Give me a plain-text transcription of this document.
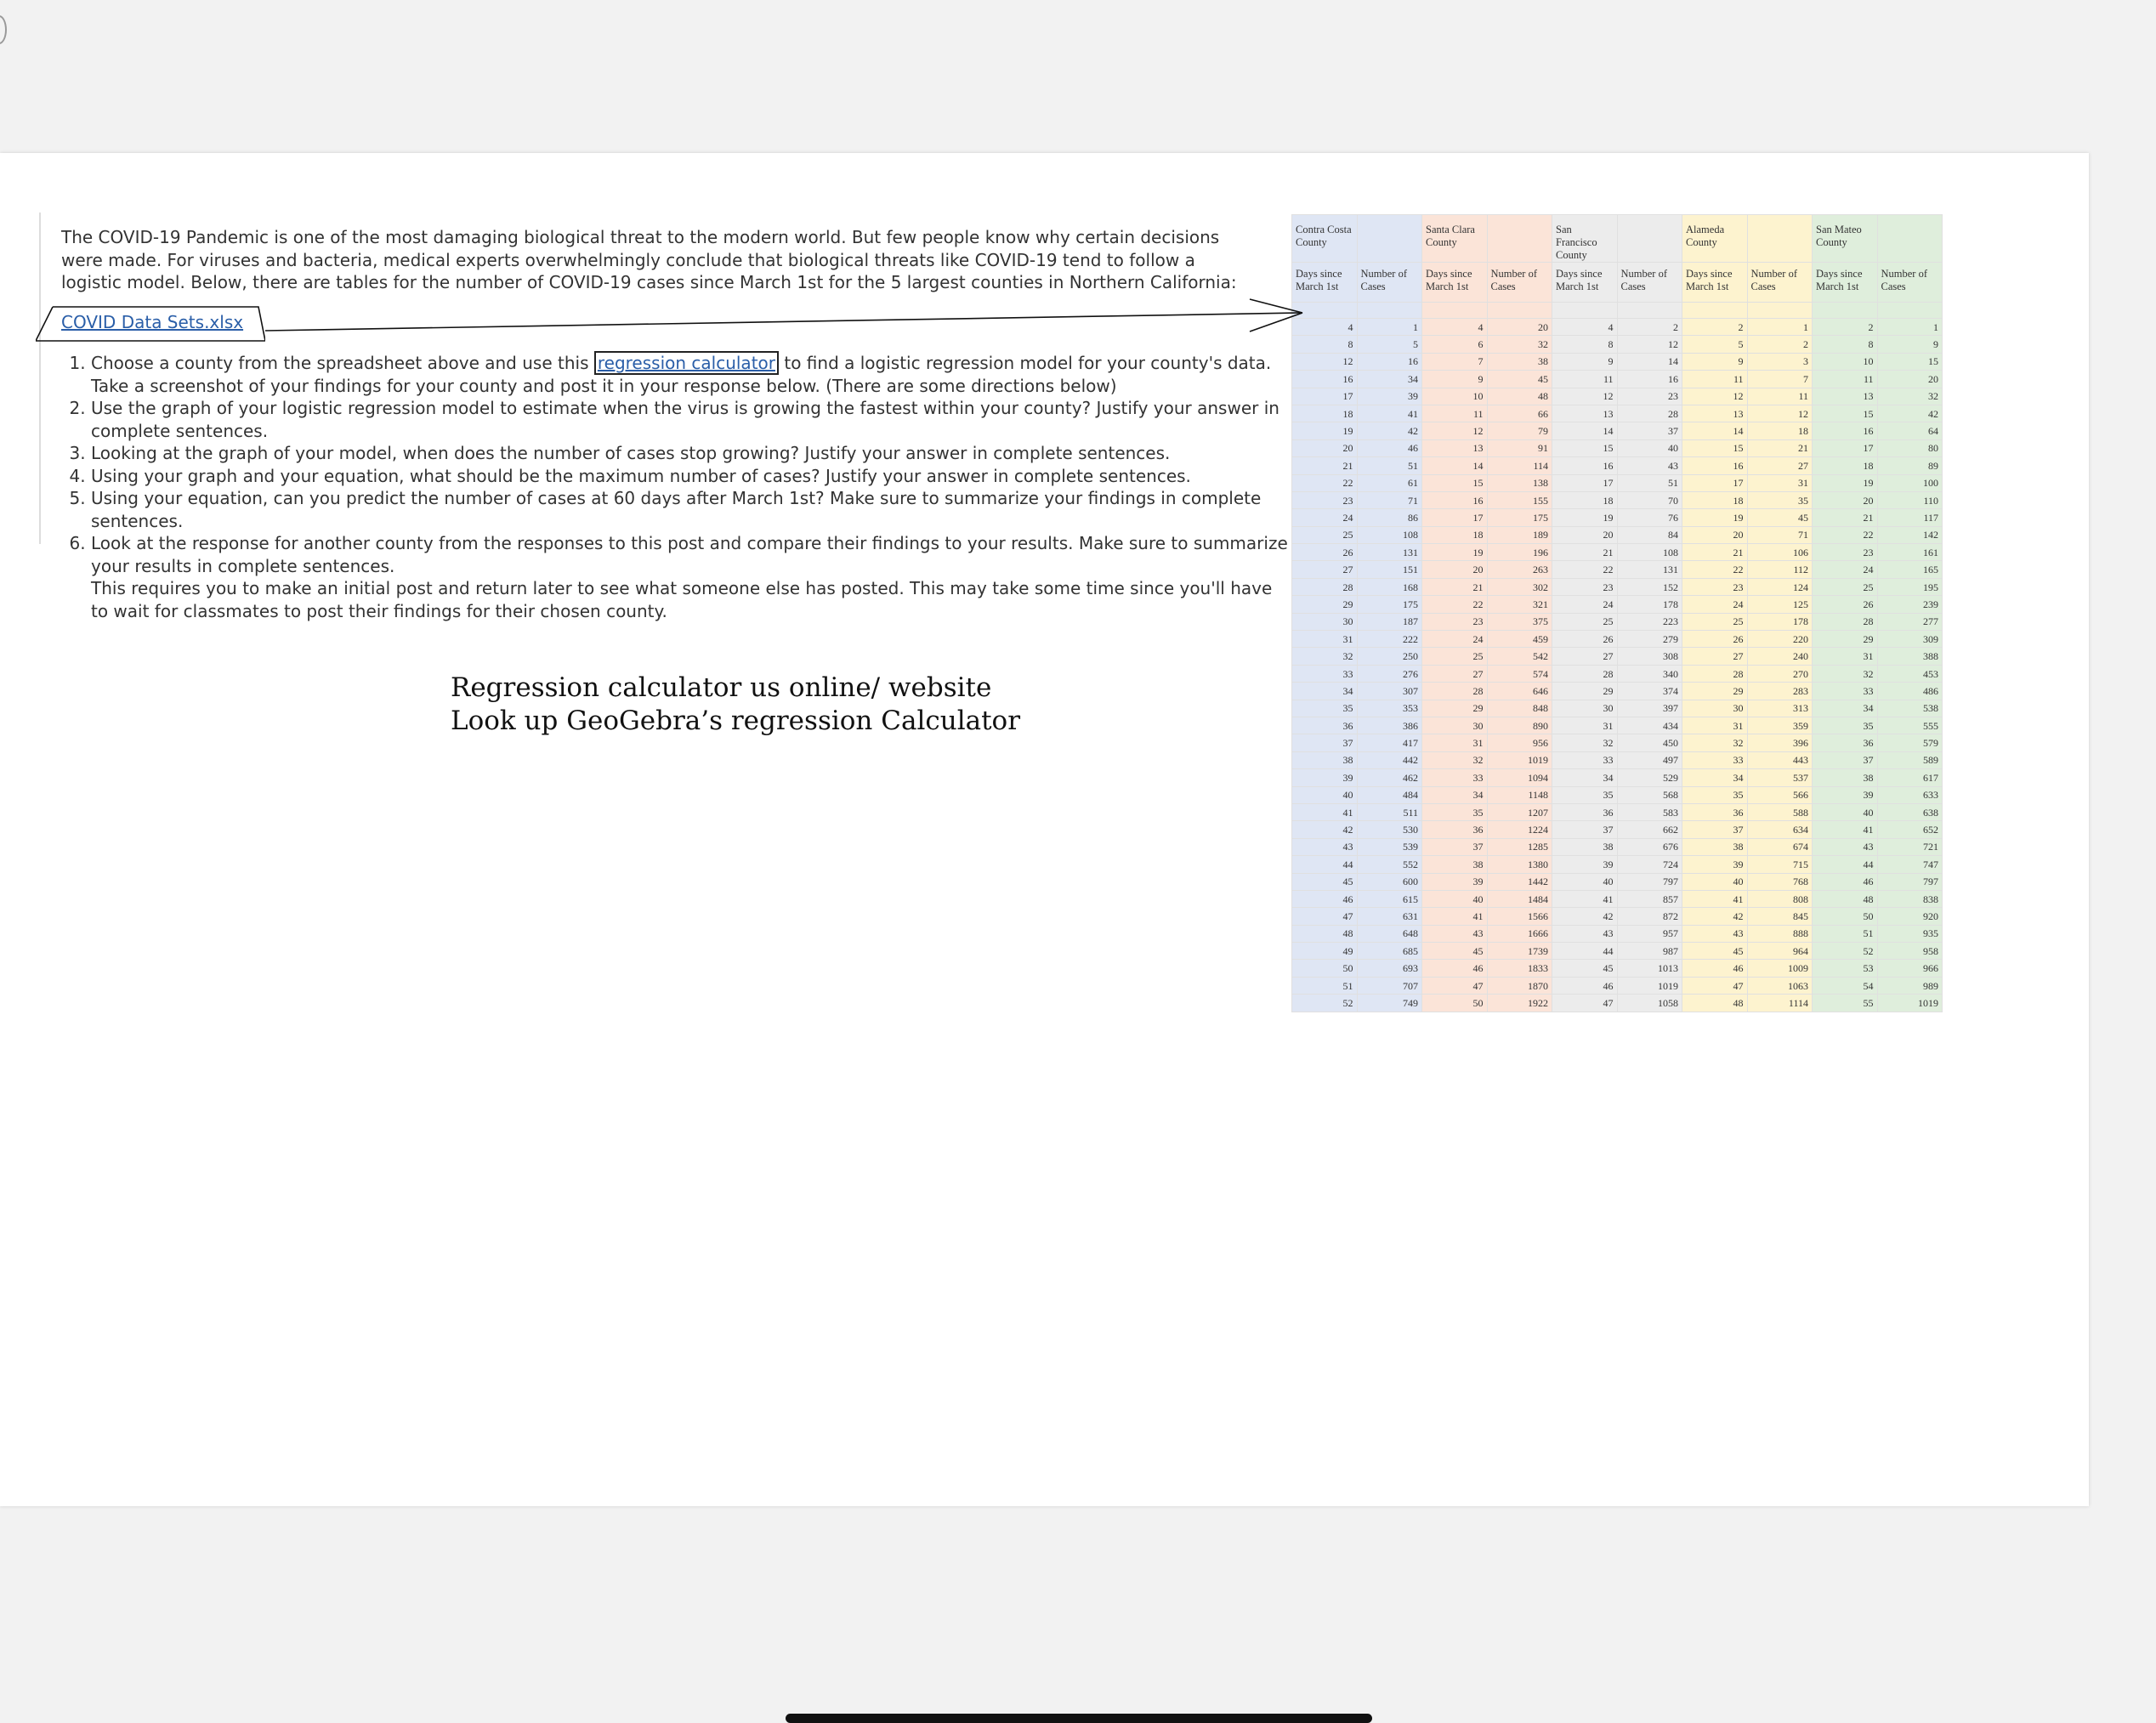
The COVID-19 Pandemic is one of the most damaging biological threat to the modern world. But few people know why certain decisions were made. For viruses and bacteria, medical experts overwhelmingly conclude that biological threats like COVID-19 tend to follow a logistic model. Below, there are tables for the number of COVID-19 cases since March 1st for the 5 largest counties in Northern California:

COVID Data Sets.xlsx
1. Choose a county from the spreadsheet above and use this regression calculator to find a logistic regression model for your county's data. Take a screenshot of your findings for your county and post it in your response below. (There are some directions below)
2. Use the graph of your logistic regression model to estimate when the virus is growing the fastest within your county? Justify your answer in complete sentences.
3. Looking at the graph of your model, when does the number of cases stop growing? Justify your answer in complete sentences.
4. Using your graph and your equation, what should be the maximum number of cases? Justify your answer in complete sentences.
5. Using your equation, can you predict the number of cases at 60 days after March 1st? Make sure to summarize your findings in complete sentences.
6. Look at the response for another county from the responses to this post and compare their findings to your results. Make sure to summarize your results in complete sentences.
This requires you to make an initial post and return later to see what someone else has posted. This may take some time since you'll have to wait for classmates to post their findings for their chosen county.
Regression calculator us online/ website
Look up GeoGebra’s regression Calculator
Contra Costa County		Santa Clara County		San Francisco County		Alameda County		San Mateo County	
Days since March 1st	Number of Cases	Days since March 1st	Number of Cases	Days since March 1st	Number of Cases	Days since March 1st	Number of Cases	Days since March 1st	Number of Cases

4	1	4	20	4	2	2	1	2	1
8	5	6	32	8	12	5	2	8	9
12	16	7	38	9	14	9	3	10	15
16	34	9	45	11	16	11	7	11	20
17	39	10	48	12	23	12	11	13	32
18	41	11	66	13	28	13	12	15	42
19	42	12	79	14	37	14	18	16	64
20	46	13	91	15	40	15	21	17	80
21	51	14	114	16	43	16	27	18	89
22	61	15	138	17	51	17	31	19	100
23	71	16	155	18	70	18	35	20	110
24	86	17	175	19	76	19	45	21	117
25	108	18	189	20	84	20	71	22	142
26	131	19	196	21	108	21	106	23	161
27	151	20	263	22	131	22	112	24	165
28	168	21	302	23	152	23	124	25	195
29	175	22	321	24	178	24	125	26	239
30	187	23	375	25	223	25	178	28	277
31	222	24	459	26	279	26	220	29	309
32	250	25	542	27	308	27	240	31	388
33	276	27	574	28	340	28	270	32	453
34	307	28	646	29	374	29	283	33	486
35	353	29	848	30	397	30	313	34	538
36	386	30	890	31	434	31	359	35	555
37	417	31	956	32	450	32	396	36	579
38	442	32	1019	33	497	33	443	37	589
39	462	33	1094	34	529	34	537	38	617
40	484	34	1148	35	568	35	566	39	633
41	511	35	1207	36	583	36	588	40	638
42	530	36	1224	37	662	37	634	41	652
43	539	37	1285	38	676	38	674	43	721
44	552	38	1380	39	724	39	715	44	747
45	600	39	1442	40	797	40	768	46	797
46	615	40	1484	41	857	41	808	48	838
47	631	41	1566	42	872	42	845	50	920
48	648	43	1666	43	957	43	888	51	935
49	685	45	1739	44	987	45	964	52	958
50	693	46	1833	45	1013	46	1009	53	966
51	707	47	1870	46	1019	47	1063	54	989
52	749	50	1922	47	1058	48	1114	55	1019
